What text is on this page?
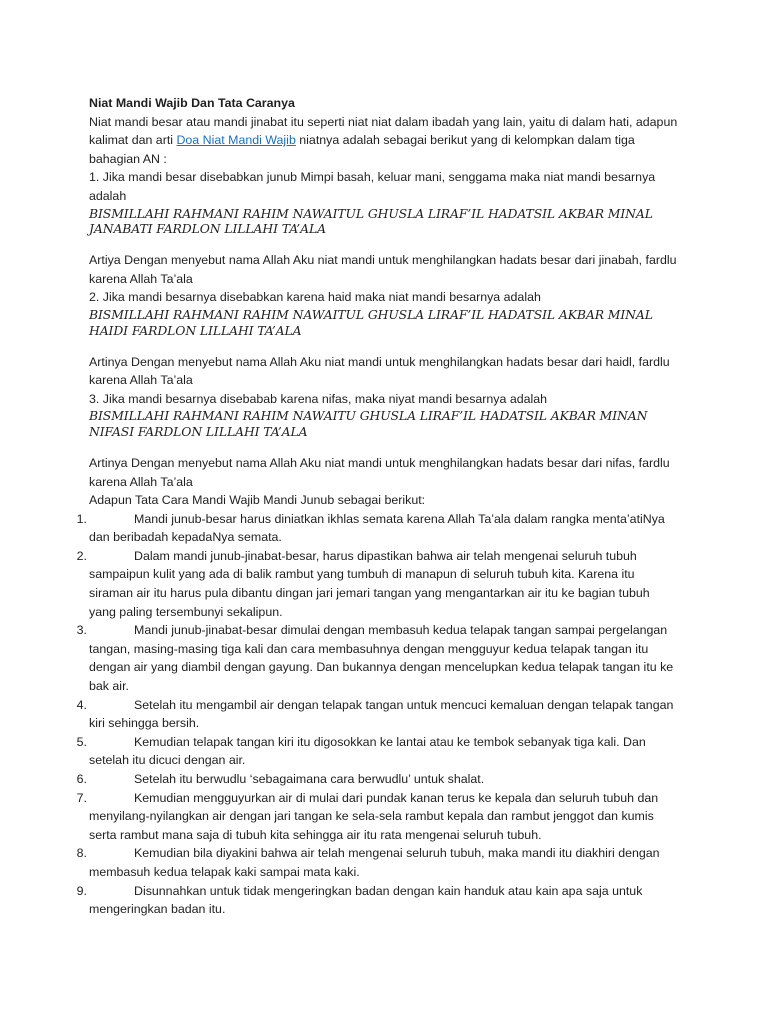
Niat Mandi Wajib Dan Tata Caranya

Niat mandi besar atau mandi jinabat itu seperti niat niat dalam ibadah yang lain, yaitu di dalam hati, adapun kalimat dan arti Doa Niat Mandi Wajib niatnya adalah sebagai berikut yang di kelompkan dalam tiga bahagian AN :

1. Jika mandi besar disebabkan junub Mimpi basah, keluar mani, senggama maka niat mandi besarnya adalah

BISMILLAHI RAHMANI RAHIM NAWAITUL GHUSLA LIRAF’IL HADATSIL AKBAR MINAL JANABATI FARDLON LILLAHI TA’ALA

Artiya Dengan menyebut nama Allah Aku niat mandi untuk menghilangkan hadats besar dari jinabah, fardlu karena Allah Ta’ala

2. Jika mandi besarnya disebabkan karena haid maka niat mandi besarnya adalah

BISMILLAHI RAHMANI RAHIM NAWAITUL GHUSLA LIRAF’IL HADATSIL AKBAR MINAL HAIDI FARDLON LILLAHI TA’ALA

Artinya Dengan menyebut nama Allah Aku niat mandi untuk menghilangkan hadats besar dari haidl, fardlu karena Allah Ta’ala

3. Jika mandi besarnya disebabab karena nifas, maka niyat mandi besarnya adalah

BISMILLAHI RAHMANI RAHIM NAWAITU GHUSLA LIRAF’IL HADATSIL AKBAR MINAN NIFASI FARDLON LILLAHI TA’ALA

Artinya Dengan menyebut nama Allah Aku niat mandi untuk menghilangkan hadats besar dari nifas, fardlu karena Allah Ta’ala

Adapun Tata Cara Mandi Wajib Mandi Junub sebagai berikut:

1.	Mandi junub-besar harus diniatkan ikhlas semata karena Allah Ta’ala dalam rangka menta’atiNya dan beribadah kepadaNya semata.

2.	Dalam mandi junub-jinabat-besar, harus dipastikan bahwa air telah mengenai seluruh tubuh sampaipun kulit yang ada di balik rambut yang tumbuh di manapun di seluruh tubuh kita. Karena itu siraman air itu harus pula dibantu dingan jari jemari tangan yang mengantarkan air itu ke bagian tubuh yang paling tersembunyi sekalipun.

3.	Mandi junub-jinabat-besar dimulai dengan membasuh kedua telapak tangan sampai pergelangan tangan, masing-masing tiga kali dan cara membasuhnya dengan mengguyur kedua telapak tangan itu dengan air yang diambil dengan gayung. Dan bukannya dengan mencelupkan kedua telapak tangan itu ke bak air.

4.	Setelah itu mengambil air dengan telapak tangan untuk mencuci kemaluan dengan telapak tangan kiri sehingga bersih.

5.	Kemudian telapak tangan kiri itu digosokkan ke lantai atau ke tembok sebanyak tiga kali. Dan setelah itu dicuci dengan air.

6.	Setelah itu berwudlu ‘sebagaimana cara berwudlu’ untuk shalat.

7.	Kemudian mengguyurkan air di mulai dari pundak kanan terus ke kepala dan seluruh tubuh dan menyilang-nyilangkan air dengan jari tangan ke sela-sela rambut kepala dan rambut jenggot dan kumis serta rambut mana saja di tubuh kita sehingga air itu rata mengenai seluruh tubuh.

8.	Kemudian bila diyakini bahwa air telah mengenai seluruh tubuh, maka mandi itu diakhiri dengan membasuh kedua telapak kaki sampai mata kaki.

9.	Disunnahkan untuk tidak mengeringkan badan dengan kain handuk atau kain apa saja untuk mengeringkan badan itu.
